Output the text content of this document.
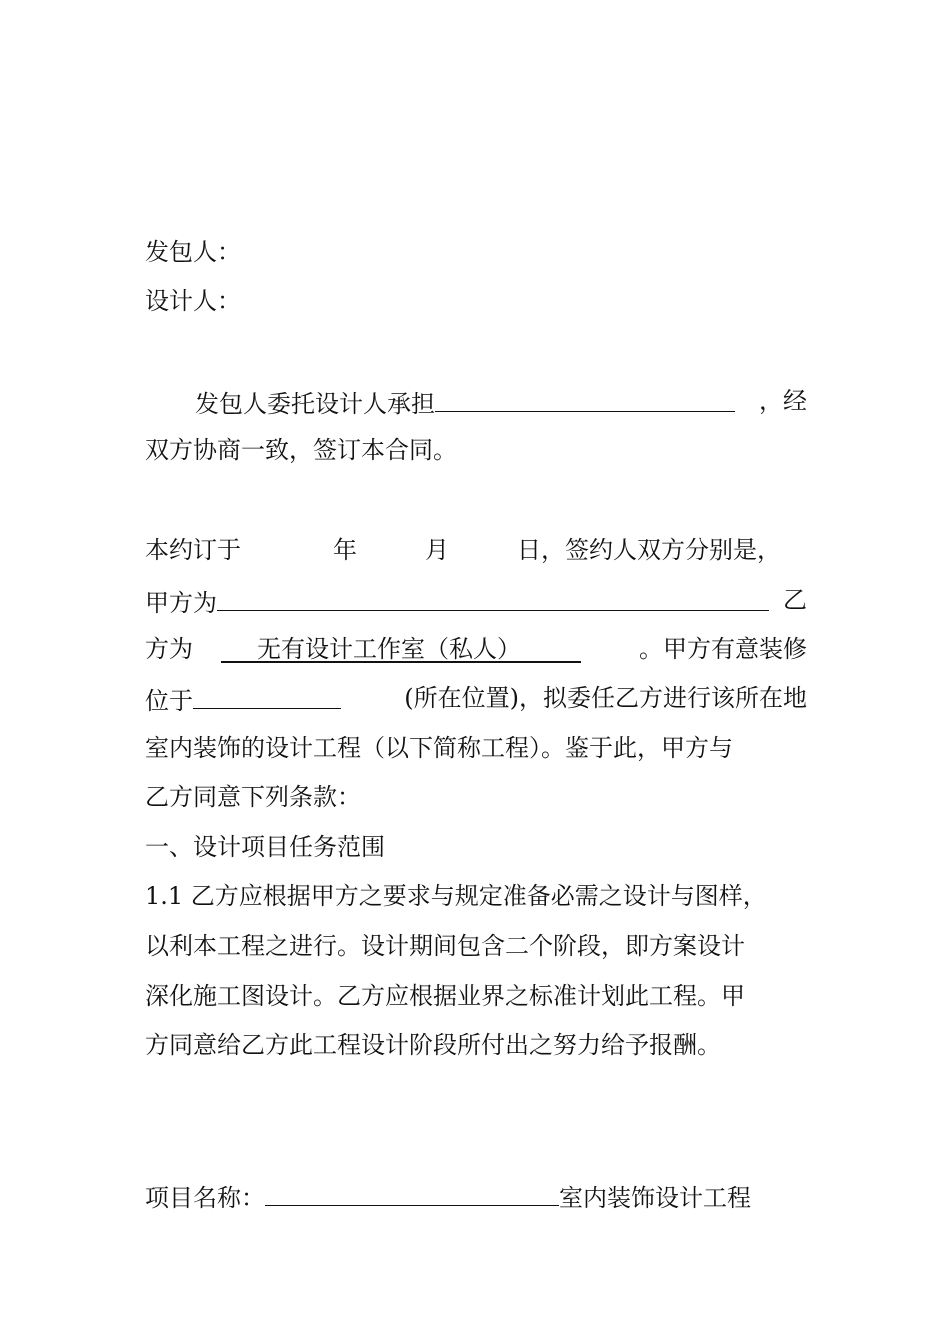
发包人：
设计人：
发包人委托设计人承担	，经
双方协商一致，签订本合同。
本约订于	年	月	日，签约人双方分别是，
甲方为	乙
方为  	无有设计工作室（私人）   	。甲方有意装修
位于	(所在位置)，拟委任乙方进行该所在地
室内装饰的设计工程（以下简称工程）。鉴于此，甲方与
乙方同意下列条款：
一、设计项目任务范围
1.1 乙方应根据甲方之要求与规定准备必需之设计与图样，
以利本工程之进行。设计期间包含二个阶段，即方案设计
深化施工图设计。乙方应根据业界之标准计划此工程。甲
方同意给乙方此工程设计阶段所付出之努力给予报酬。
项目名称：	室内装饰设计工程
